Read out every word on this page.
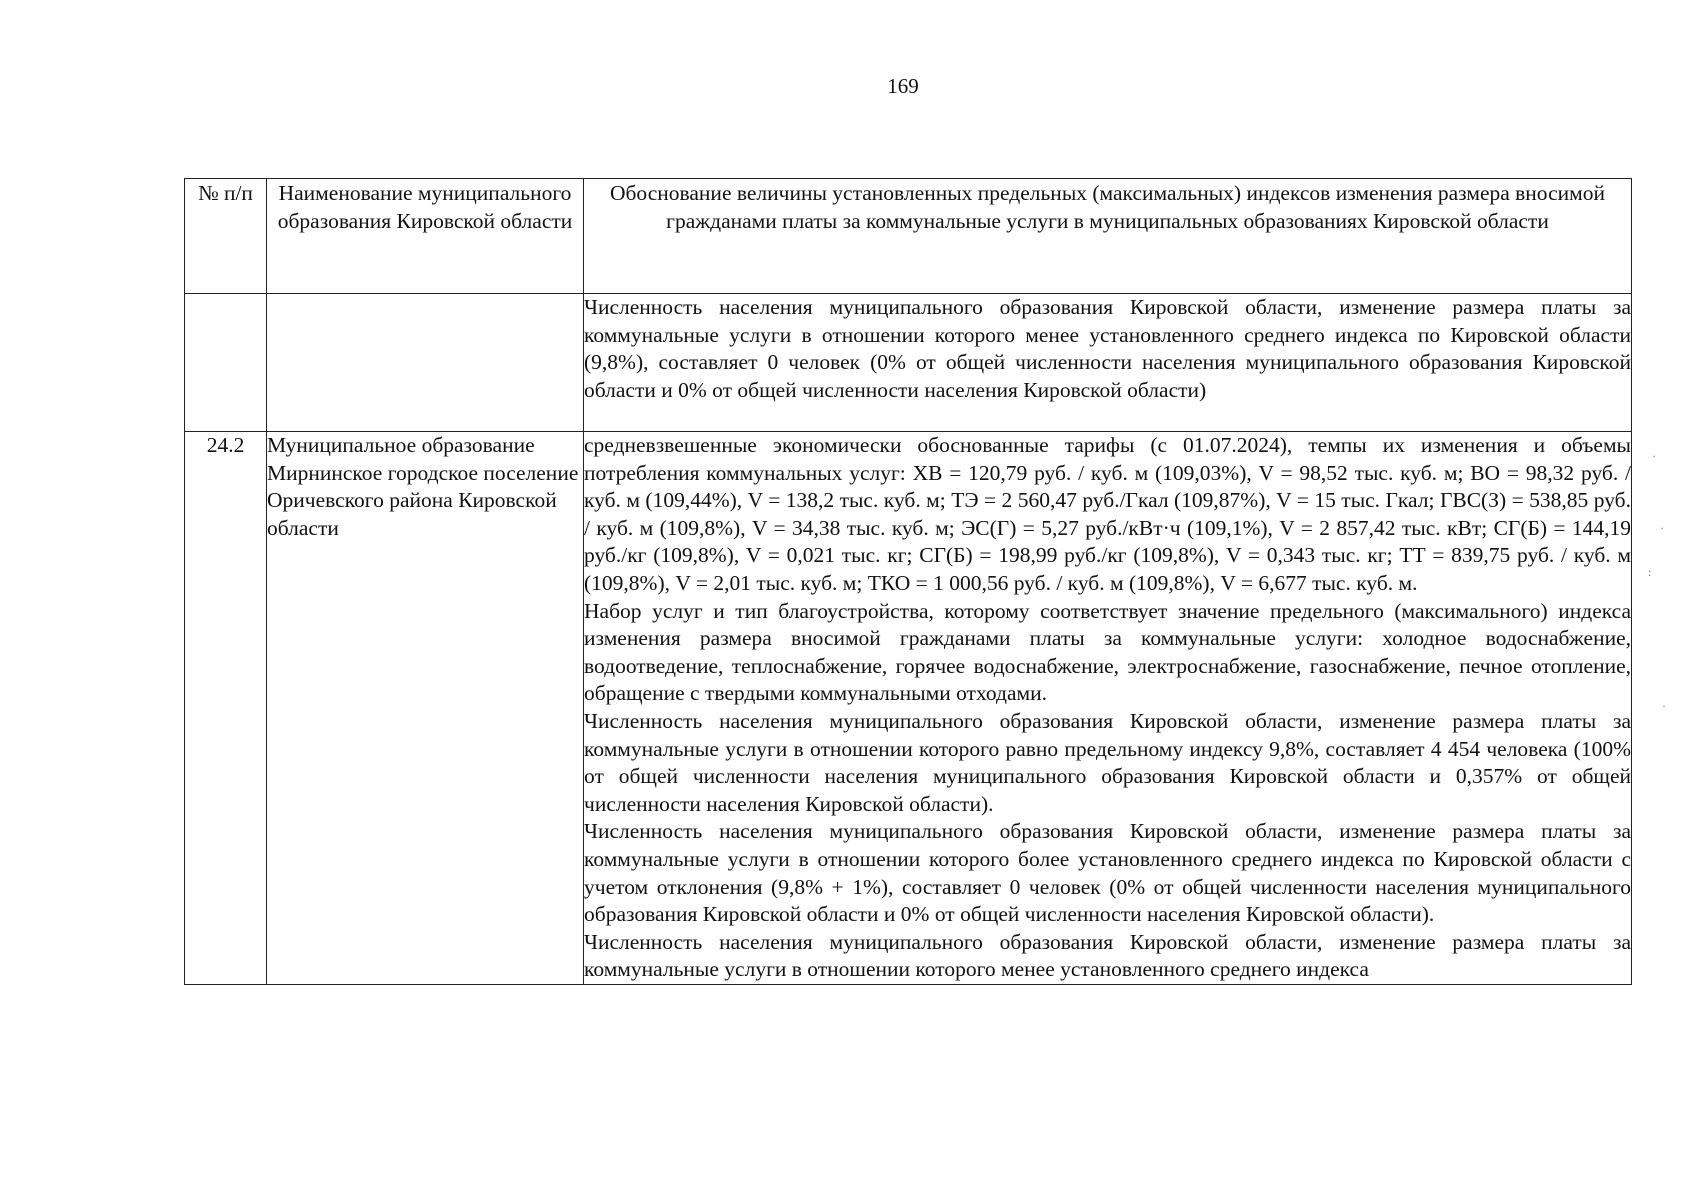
169
№ п/п	Наименование муниципального образования Кировской области	Обоснование величины установленных предельных (максимальных) индексов изменения размера вносимой гражданами платы за коммунальные услуги в муниципальных образованиях Кировской области

		Численность населения муниципального образования Кировской области, изменение размера платы за коммунальные услуги в отношении которого менее установленного среднего индекса по Кировской области (9,8%), составляет 0 человек (0% от общей численности населения муниципального образования Кировской области и 0% от общей численности населения Кировской области)

24.2	Муниципальное образование Мирнинское городское поселение Оричевского района Кировской области	средневзвешенные экономически обоснованные тарифы (с 01.07.2024), темпы их изменения и объемы потребления коммунальных услуг: ХВ = 120,79 руб. / куб. м (109,03%), V = 98,52 тыс. куб. м; ВО = 98,32 руб. / куб. м (109,44%), V = 138,2 тыс. куб. м; ТЭ = 2 560,47 руб./Гкал (109,87%), V = 15 тыс. Гкал; ГВС(З) = 538,85 руб. / куб. м (109,8%), V = 34,38 тыс. куб. м; ЭС(Г) = 5,27 руб./кВт·ч (109,1%), V = 2 857,42 тыс. кВт; СГ(Б) = 144,19 руб./кг (109,8%), V = 0,021 тыс. кг; СГ(Б) = 198,99 руб./кг (109,8%), V = 0,343 тыс. кг; ТТ = 839,75 руб. / куб. м (109,8%), V = 2,01 тыс. куб. м; ТКО = 1 000,56 руб. / куб. м (109,8%), V = 6,677 тыс. куб. м.

Набор услуг и тип благоустройства, которому соответствует значение предельного (максимального) индекса изменения размера вносимой гражданами платы за коммунальные услуги: холодное водоснабжение, водоотведение, теплоснабжение, горячее водоснабжение, электроснабжение, газоснабжение, печное отопление, обращение с твердыми коммунальными отходами.

Численность населения муниципального образования Кировской области, изменение размера платы за коммунальные услуги в отношении которого равно предельному индексу 9,8%, составляет 4 454 человека (100% от общей численности населения муниципального образования Кировской области и 0,357% от общей численности населения Кировской области).

Численность населения муниципального образования Кировской области, изменение размера платы за коммунальные услуги в отношении которого более установленного среднего индекса по Кировской области с учетом отклонения (9,8% + 1%), составляет 0 человек (0% от общей численности населения муниципального образования Кировской области и 0% от общей численности населения Кировской области).

Численность населения муниципального образования Кировской области, изменение размера платы за коммунальные услуги в отношении которого менее установленного среднего индекса

·
·
:
·
